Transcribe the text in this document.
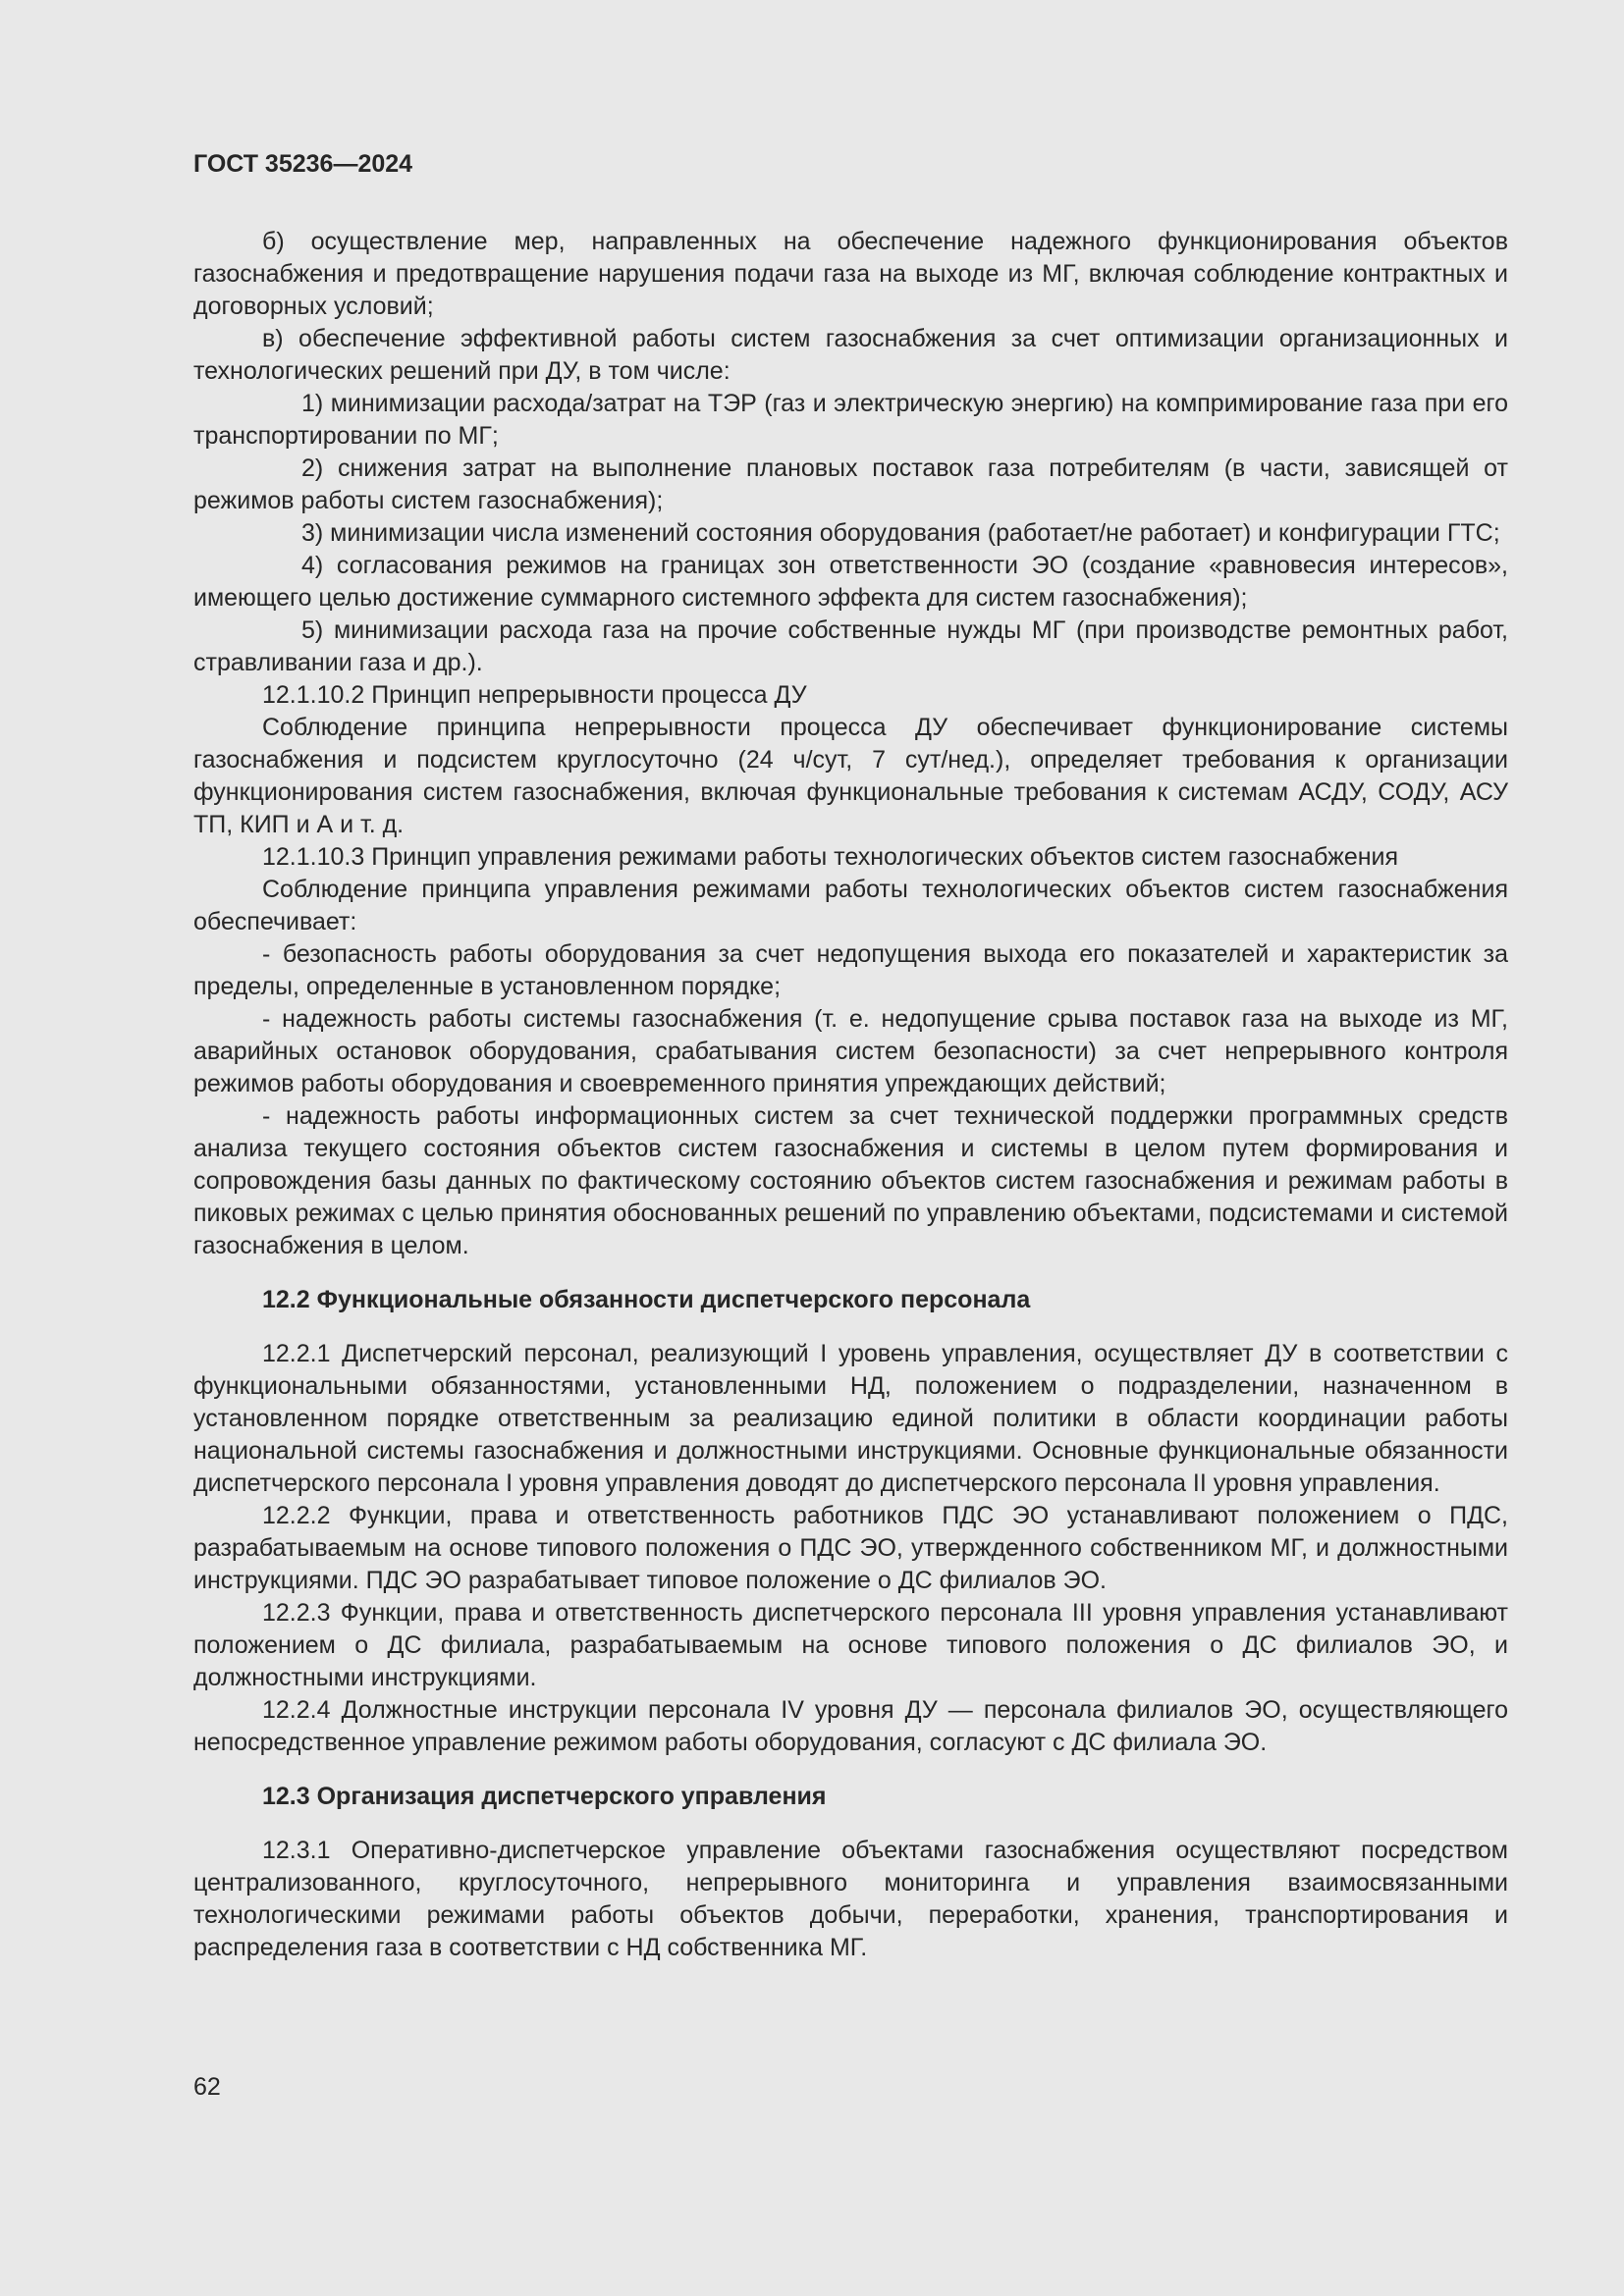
ГОСТ 35236—2024

б) осуществление мер, направленных на обеспечение надежного функционирования объектов газоснабжения и предотвращение нарушения подачи газа на выходе из МГ, включая соблюдение контрактных и договорных условий;

в) обеспечение эффективной работы систем газоснабжения за счет оптимизации организационных и технологических решений при ДУ, в том числе:

1) минимизации расхода/затрат на ТЭР (газ и электрическую энергию) на компримирование газа при его транспортировании по МГ;

2) снижения затрат на выполнение плановых поставок газа потребителям (в части, зависящей от режимов работы систем газоснабжения);

3) минимизации числа изменений состояния оборудования (работает/не работает) и конфигурации ГТС;

4) согласования режимов на границах зон ответственности ЭО (создание «равновесия интересов», имеющего целью достижение суммарного системного эффекта для систем газоснабжения);

5) минимизации расхода газа на прочие собственные нужды МГ (при производстве ремонтных работ, стравливании газа и др.).

12.1.10.2 Принцип непрерывности процесса ДУ

Соблюдение принципа непрерывности процесса ДУ обеспечивает функционирование системы газоснабжения и подсистем круглосуточно (24 ч/сут, 7 сут/нед.), определяет требования к организации функционирования систем газоснабжения, включая функциональные требования к системам АСДУ, СОДУ, АСУ ТП, КИП и А и т. д.

12.1.10.3 Принцип управления режимами работы технологических объектов систем газоснабжения

Соблюдение принципа управления режимами работы технологических объектов систем газоснабжения обеспечивает:

- безопасность работы оборудования за счет недопущения выхода его показателей и характеристик за пределы, определенные в установленном порядке;

- надежность работы системы газоснабжения (т. е. недопущение срыва поставок газа на выходе из МГ, аварийных остановок оборудования, срабатывания систем безопасности) за счет непрерывного контроля режимов работы оборудования и своевременного принятия упреждающих действий;

- надежность работы информационных систем за счет технической поддержки программных средств анализа текущего состояния объектов систем газоснабжения и системы в целом путем формирования и сопровождения базы данных по фактическому состоянию объектов систем газоснабжения и режимам работы в пиковых режимах с целью принятия обоснованных решений по управлению объектами, подсистемами и системой газоснабжения в целом.

12.2 Функциональные обязанности диспетчерского персонала

12.2.1 Диспетчерский персонал, реализующий I уровень управления, осуществляет ДУ в соответствии с функциональными обязанностями, установленными НД, положением о подразделении, назначенном в установленном порядке ответственным за реализацию единой политики в области координации работы национальной системы газоснабжения и должностными инструкциями. Основные функциональные обязанности диспетчерского персонала I уровня управления доводят до диспетчерского персонала II уровня управления.

12.2.2 Функции, права и ответственность работников ПДС ЭО устанавливают положением о ПДС, разрабатываемым на основе типового положения о ПДС ЭО, утвержденного собственником МГ, и должностными инструкциями. ПДС ЭО разрабатывает типовое положение о ДС филиалов ЭО.

12.2.3 Функции, права и ответственность диспетчерского персонала III уровня управления устанавливают положением о ДС филиала, разрабатываемым на основе типового положения о ДС филиалов ЭО, и должностными инструкциями.

12.2.4 Должностные инструкции персонала IV уровня ДУ — персонала филиалов ЭО, осуществляющего непосредственное управление режимом работы оборудования, согласуют с ДС филиала ЭО.

12.3 Организация диспетчерского управления

12.3.1 Оперативно-диспетчерское управление объектами газоснабжения осуществляют посредством централизованного, круглосуточного, непрерывного мониторинга и управления взаимосвязанными технологическими режимами работы объектов добычи, переработки, хранения, транспортирования и распределения газа в соответствии с НД собственника МГ.

62
